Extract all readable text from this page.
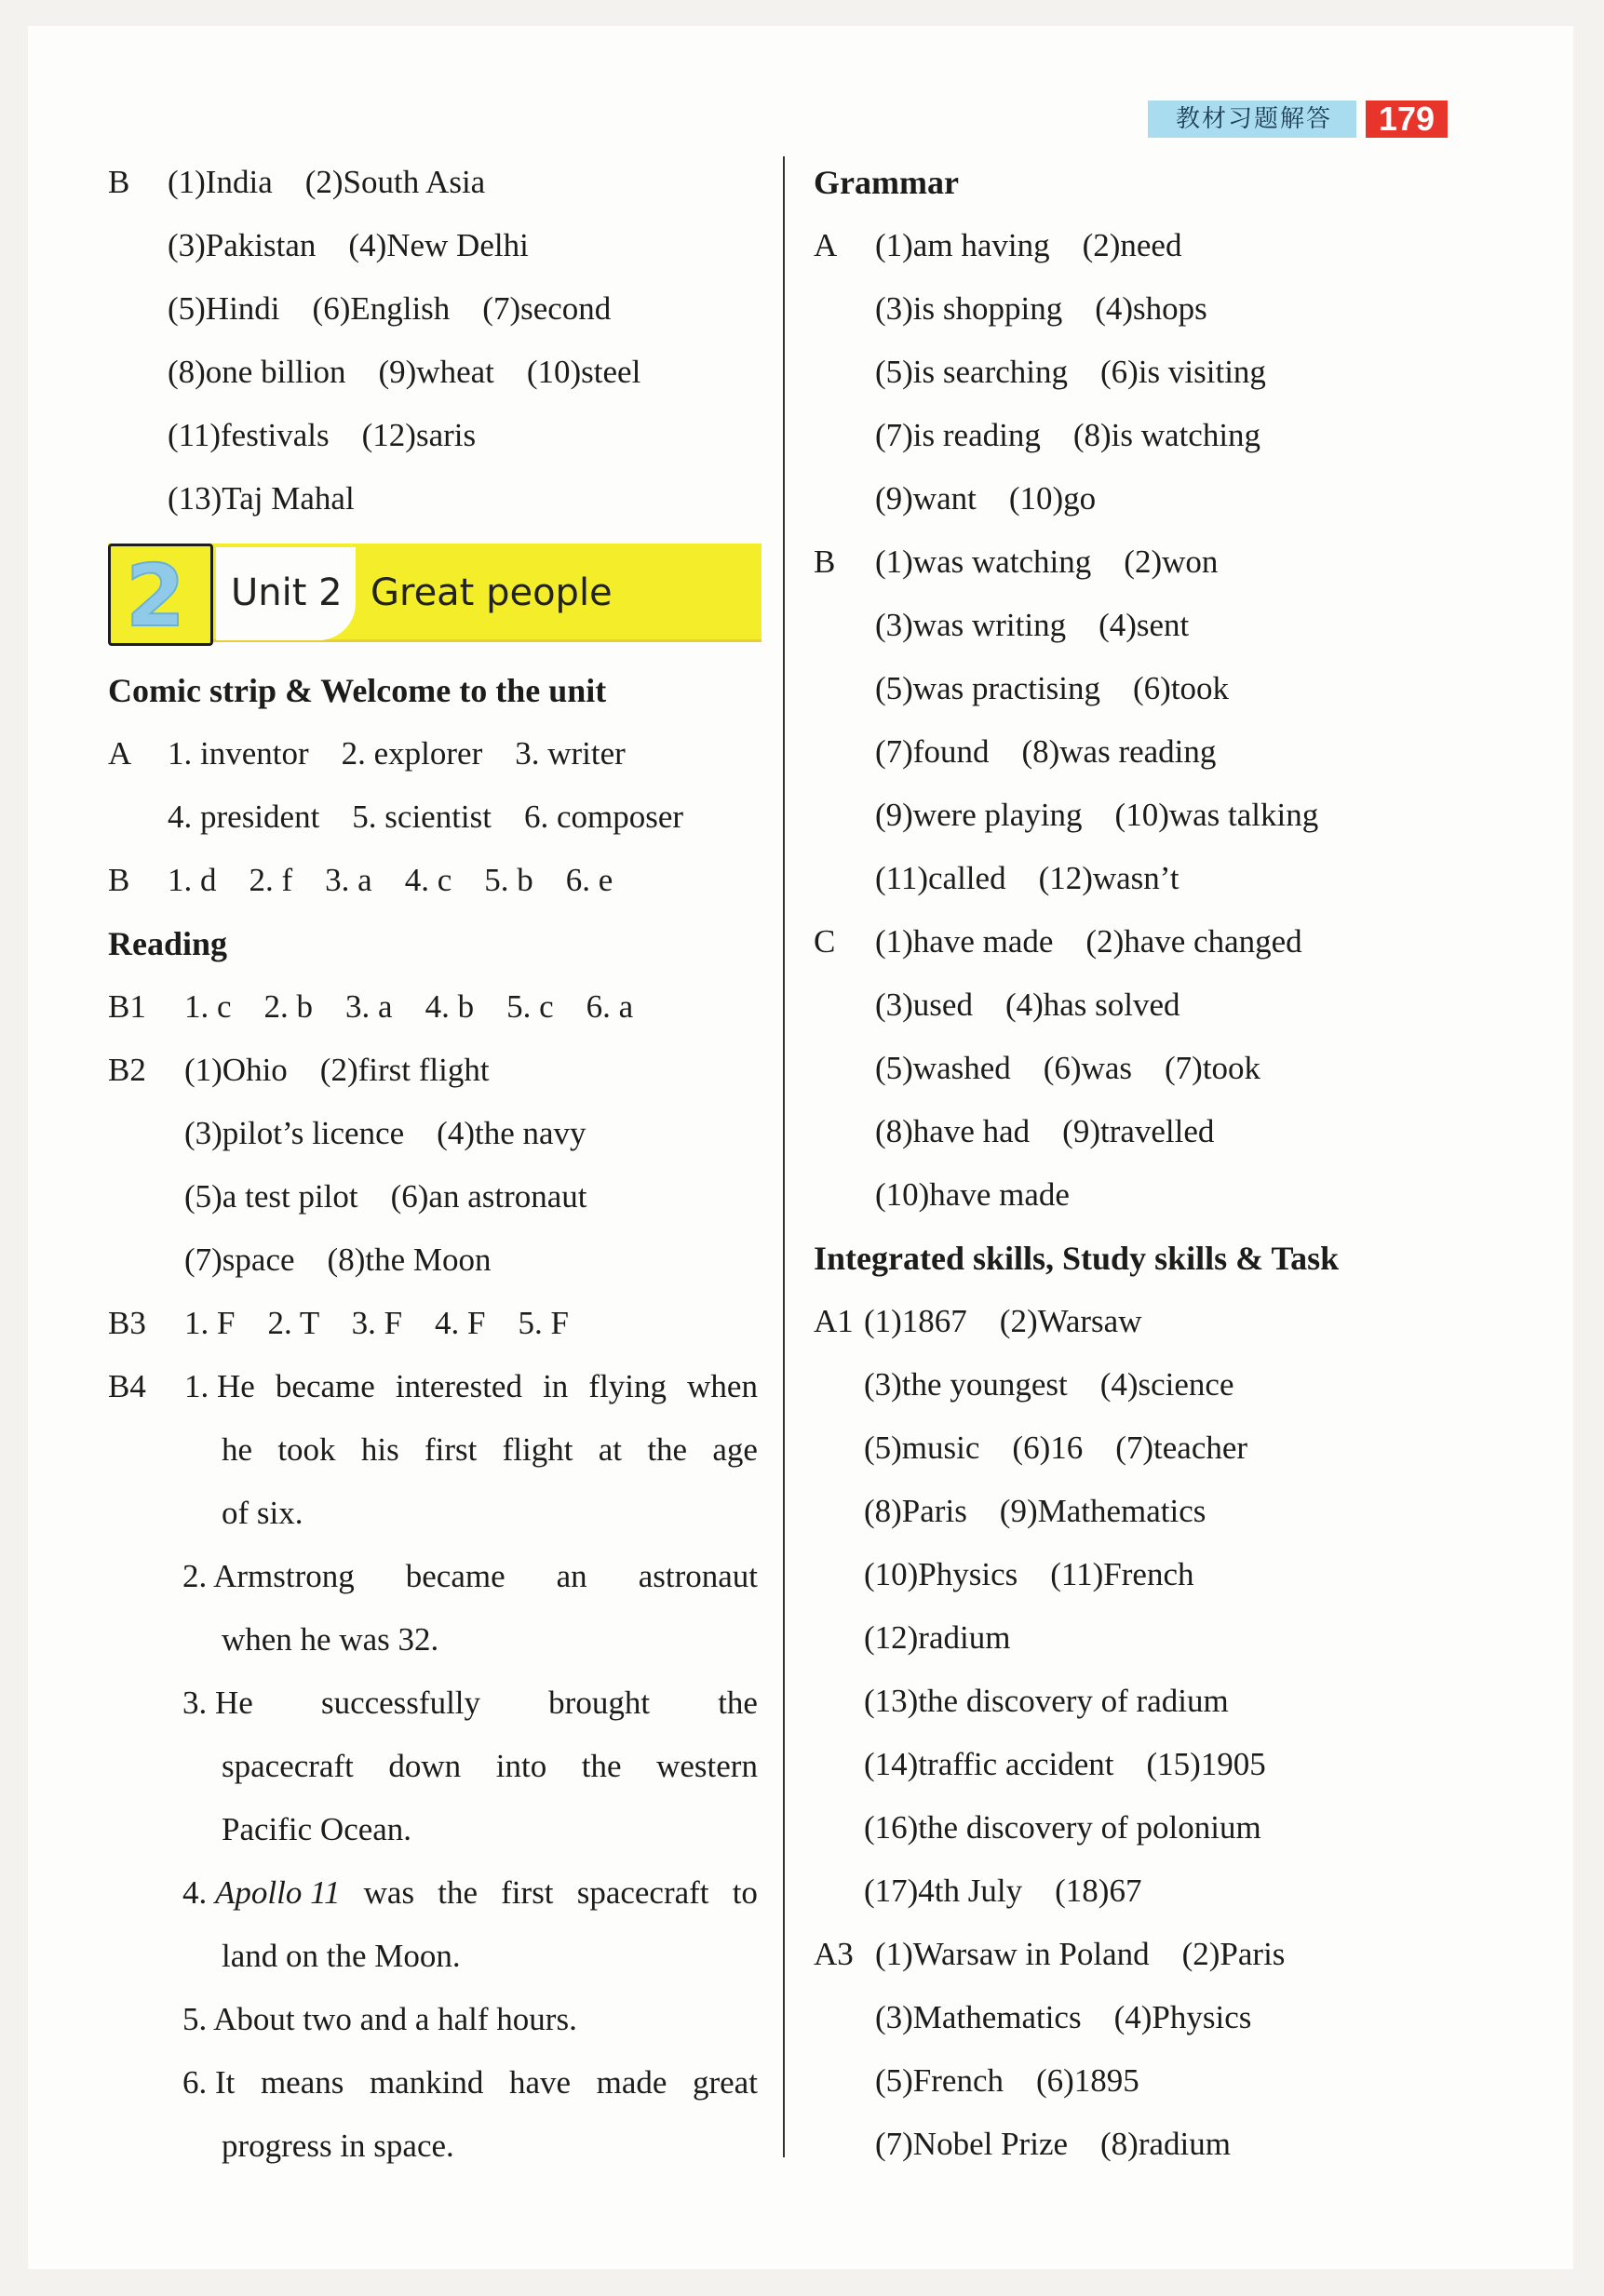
教材习题解答	179
B (1)India　(2)South Asia
(3)Pakistan　(4)New Delhi
(5)Hindi　(6)English　(7)second
(8)one billion　(9)wheat　(10)steel
(11)festivals　(12)saris
(13)Taj Mahal
2 Unit 2 Great people
Comic strip & Welcome to the unit
A 1. inventor　2. explorer　3. writer
4. president　5. scientist　6. composer
B 1. d　2. f　3. a　4. c　5. b　6. e
Reading
B1 1. c　2. b　3. a　4. b　5. c　6. a
B2 (1)Ohio　(2)first flight
(3)pilot’s licence　(4)the navy
(5)a test pilot　(6)an astronaut
(7)space　(8)the Moon
B3 1. F　2. T　3. F　4. F　5. F
B4 1. He became interested in flying when
he took his first flight at the age
of six.
2. Armstrong became an astronaut
when he was 32.
3. He successfully brought the
spacecraft down into the western
Pacific Ocean.
4. Apollo 11 was the first spacecraft to
land on the Moon.
5. About two and a half hours.
6. It means mankind have made great
progress in space.
Grammar
A (1)am having　(2)need
(3)is shopping　(4)shops
(5)is searching　(6)is visiting
(7)is reading　(8)is watching
(9)want　(10)go
B (1)was watching　(2)won
(3)was writing　(4)sent
(5)was practising　(6)took
(7)found　(8)was reading
(9)were playing　(10)was talking
(11)called　(12)wasn’t
C (1)have made　(2)have changed
(3)used　(4)has solved
(5)washed　(6)was　(7)took
(8)have had　(9)travelled
(10)have made
Integrated skills, Study skills & Task
A1 (1)1867　(2)Warsaw
(3)the youngest　(4)science
(5)music　(6)16　(7)teacher
(8)Paris　(9)Mathematics
(10)Physics　(11)French
(12)radium
(13)the discovery of radium
(14)traffic accident　(15)1905
(16)the discovery of polonium
(17)4th July　(18)67
A3 (1)Warsaw in Poland　(2)Paris
(3)Mathematics　(4)Physics
(5)French　(6)1895
(7)Nobel Prize　(8)radium
